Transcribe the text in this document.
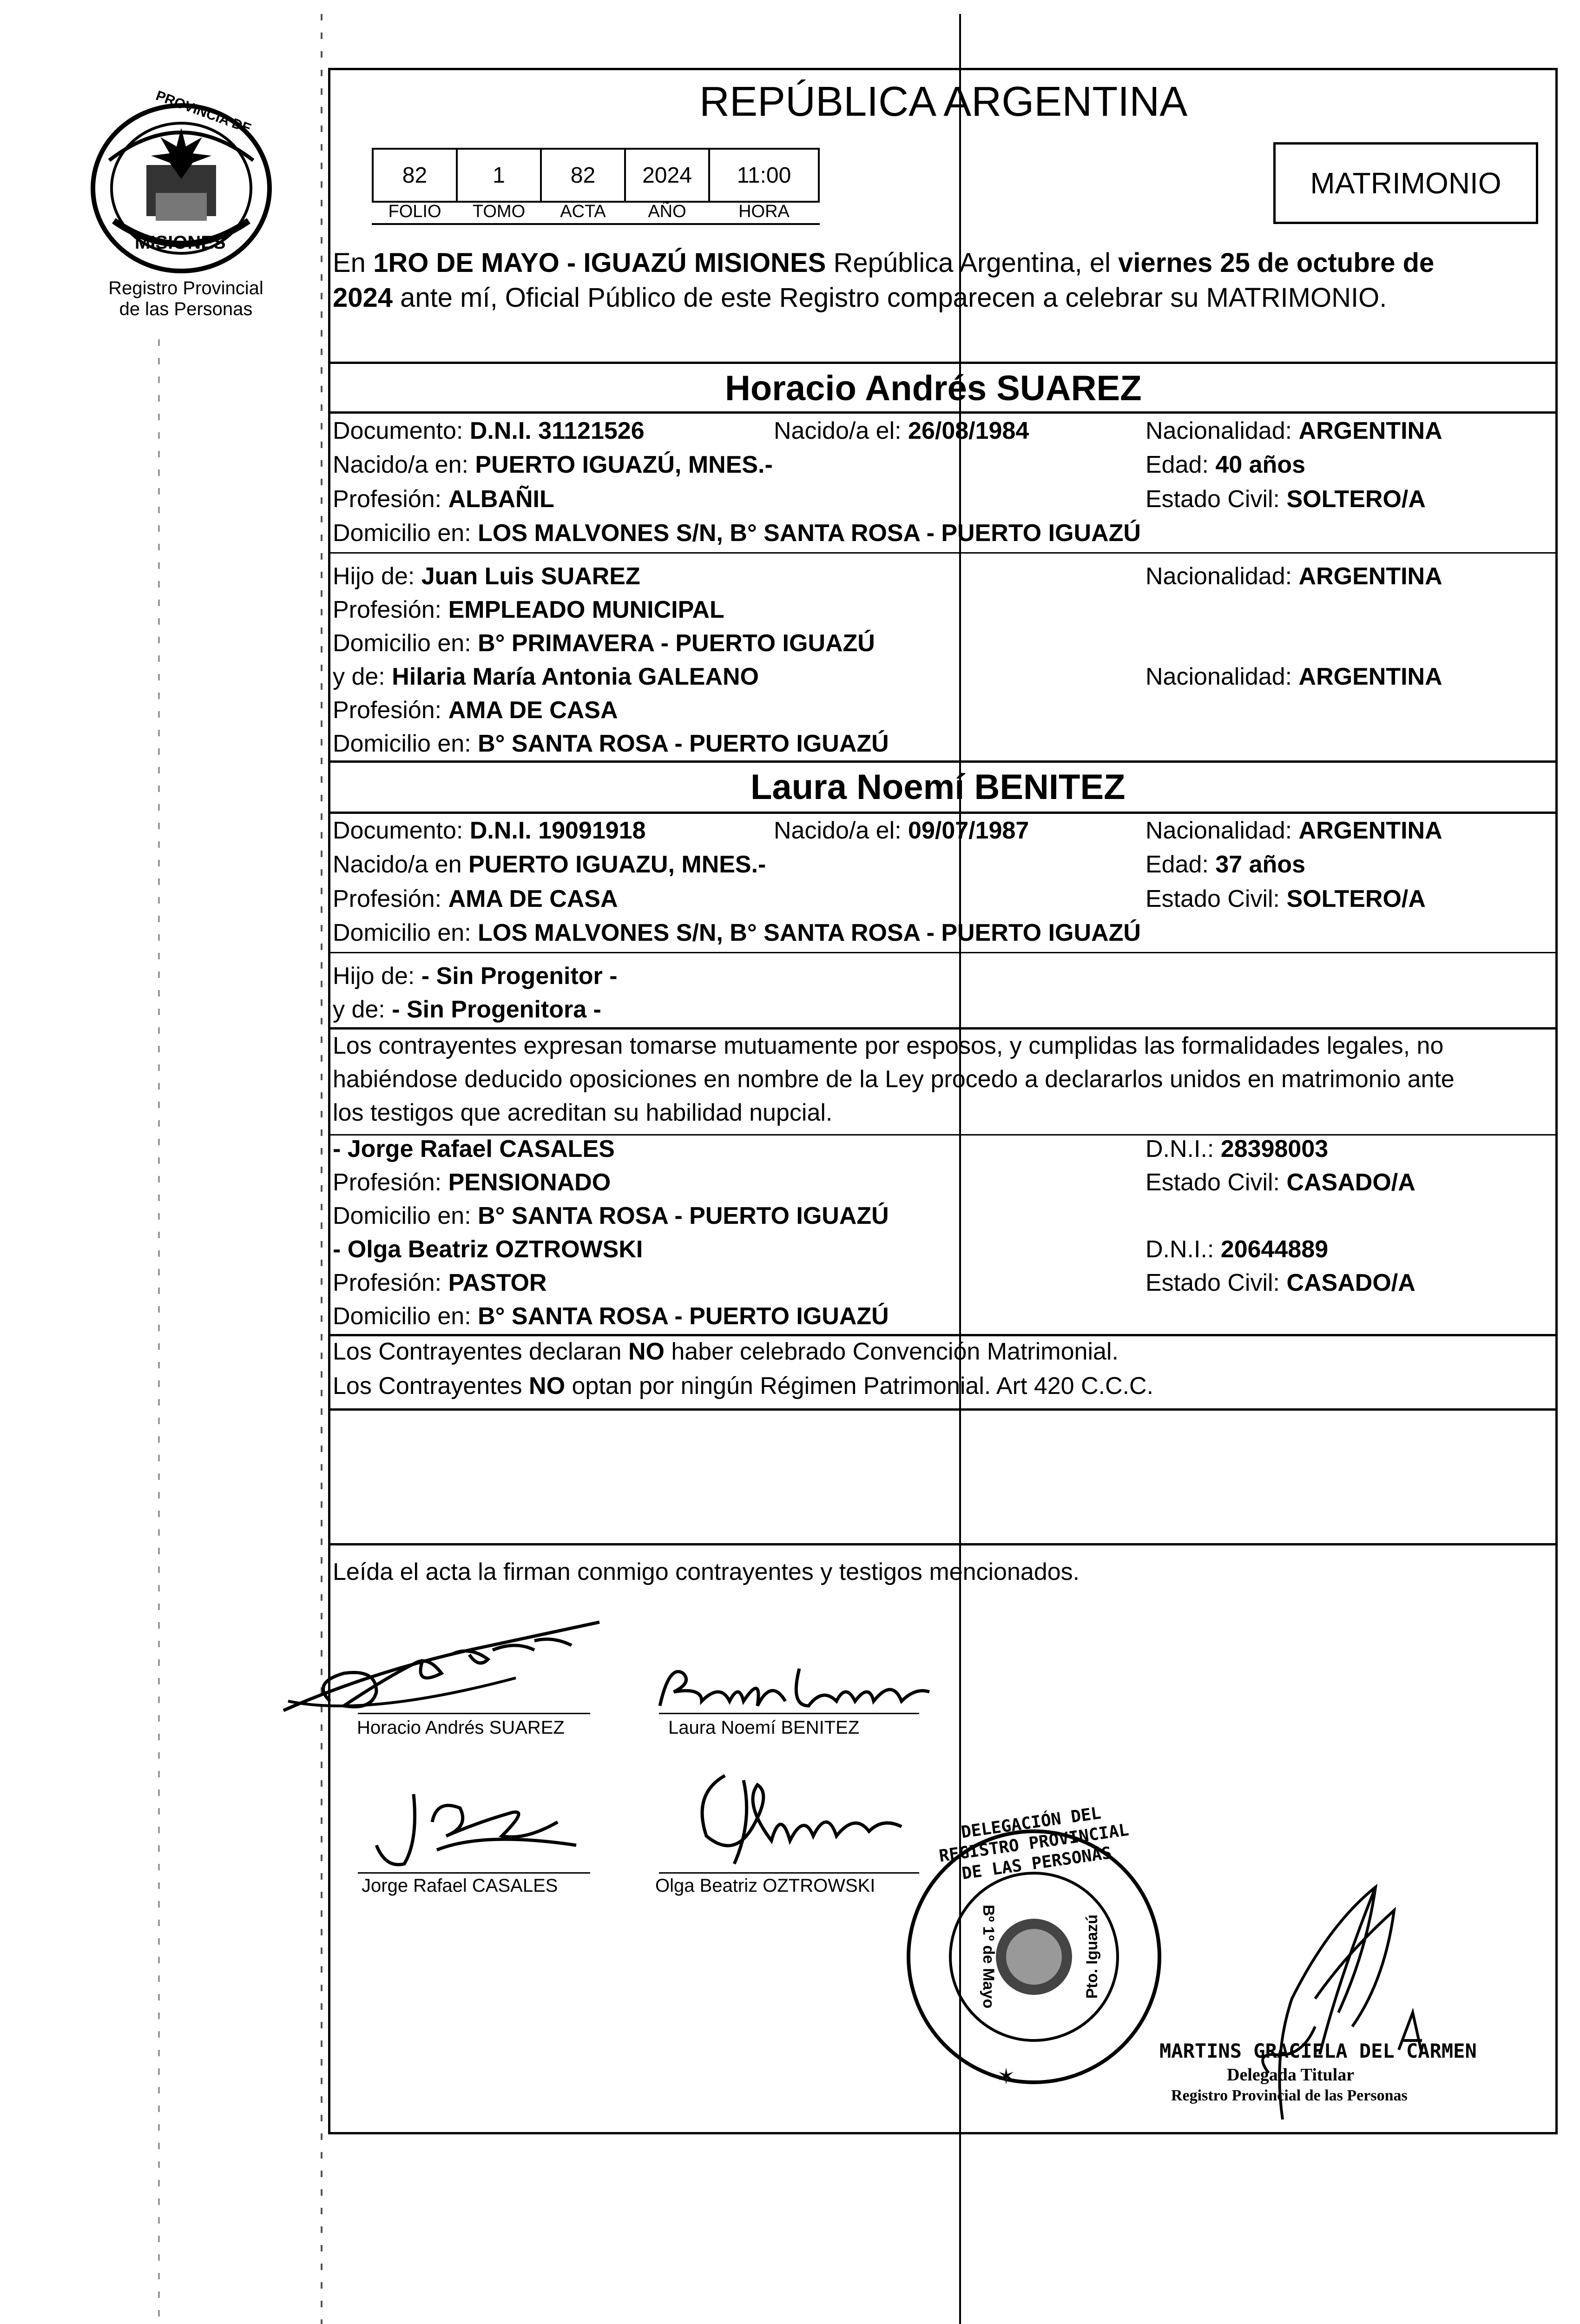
PROVINCIA DE
MISIONES
Registro Provincial
de las Personas
REPÚBLICA ARGENTINA
82	1	82	2024	11:00
FOLIO	TOMO	ACTA	AÑO	HORA
MATRIMONIO
En 1RO DE MAYO - IGUAZÚ MISIONES República Argentina, el viernes 25 de octubre de
2024 ante mí, Oficial Público de este Registro comparecen a celebrar su MATRIMONIO.
Horacio Andrés SUAREZ
Documento: D.N.I. 31121526	Nacido/a el: 26/08/1984	Nacionalidad: ARGENTINA
Nacido/a en: PUERTO IGUAZÚ, MNES.-	Edad: 40 años
Profesión: ALBAÑIL	Estado Civil: SOLTERO/A
Domicilio en: LOS MALVONES S/N, B° SANTA ROSA - PUERTO IGUAZÚ
Hijo de: Juan Luis SUAREZ	Nacionalidad: ARGENTINA
Profesión: EMPLEADO MUNICIPAL
Domicilio en: B° PRIMAVERA - PUERTO IGUAZÚ
y de: Hilaria María Antonia GALEANO	Nacionalidad: ARGENTINA
Profesión: AMA DE CASA
Domicilio en: B° SANTA ROSA - PUERTO IGUAZÚ
Laura Noemí BENITEZ
Documento: D.N.I. 19091918	Nacido/a el: 09/07/1987	Nacionalidad: ARGENTINA
Nacido/a en PUERTO IGUAZU, MNES.-	Edad: 37 años
Profesión: AMA DE CASA	Estado Civil: SOLTERO/A
Domicilio en: LOS MALVONES S/N, B° SANTA ROSA - PUERTO IGUAZÚ
Hijo de: - Sin Progenitor -
y de: - Sin Progenitora -
Los contrayentes expresan tomarse mutuamente por esposos, y cumplidas las formalidades legales, no
habiéndose deducido oposiciones en nombre de la Ley procedo a declararlos unidos en matrimonio ante
los testigos que acreditan su habilidad nupcial.
- Jorge Rafael CASALES	D.N.I.: 28398003
Profesión: PENSIONADO	Estado Civil: CASADO/A
Domicilio en: B° SANTA ROSA - PUERTO IGUAZÚ
- Olga Beatriz OZTROWSKI	D.N.I.: 20644889
Profesión: PASTOR	Estado Civil: CASADO/A
Domicilio en: B° SANTA ROSA - PUERTO IGUAZÚ
Los Contrayentes declaran NO haber celebrado Convención Matrimonial.
Los Contrayentes NO optan por ningún Régimen Patrimonial. Art 420 C.C.C.
Leída el acta la firman conmigo contrayentes y testigos mencionados.
Horacio Andrés SUAREZ	Laura Noemí BENITEZ
Jorge Rafael CASALES	Olga Beatriz OZTROWSKI
DELEGACIÓN DEL REGISTRO PROVINCIAL DE LAS PERSONAS
Bº 1º de Mayo	Pto. Iguazú
✶
MARTINS GRACIELA DEL CARMEN
Delegada Titular
Registro Provincial de las Personas
